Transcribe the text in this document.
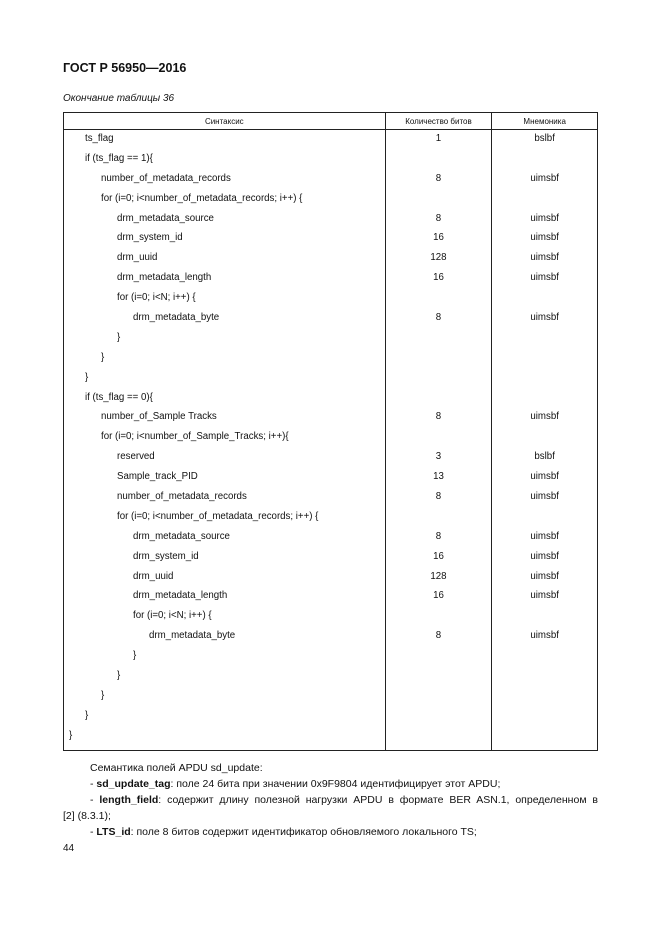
ГОСТ Р 56950—2016
Окончание таблицы 36
Синтаксис	Количество битов	Мнемоника
ts_flag	1	bslbf
if (ts_flag == 1){		
number_of_metadata_records	8	uimsbf
for (i=0; i<number_of_metadata_records; i++) {		
drm_metadata_source	8	uimsbf
drm_system_id	16	uimsbf
drm_uuid	128	uimsbf
drm_metadata_length	16	uimsbf
for (i=0; i<N; i++) {		
drm_metadata_byte	8	uimsbf
}		
}		
}		
if (ts_flag == 0){		
number_of_Sample Tracks	8	uimsbf
for (i=0; i<number_of_Sample_Tracks; i++){		
reserved	3	bslbf
Sample_track_PID	13	uimsbf
number_of_metadata_records	8	uimsbf
for (i=0; i<number_of_metadata_records; i++) {		
drm_metadata_source	8	uimsbf
drm_system_id	16	uimsbf
drm_uuid	128	uimsbf
drm_metadata_length	16	uimsbf
for (i=0; i<N; i++) {		
drm_metadata_byte	8	uimsbf
}		
}		
}		
}		
}		

Семантика полей APDU sd_update:

- sd_update_tag: поле 24 бита при значении 0x9F9804 идентифицирует этот APDU;

- length_field: содержит длину полезной нагрузки APDU в формате BER ASN.1, определенном в

[2] (8.3.1);

- LTS_id: поле 8 битов содержит идентификатор обновляемого локального TS;

44
